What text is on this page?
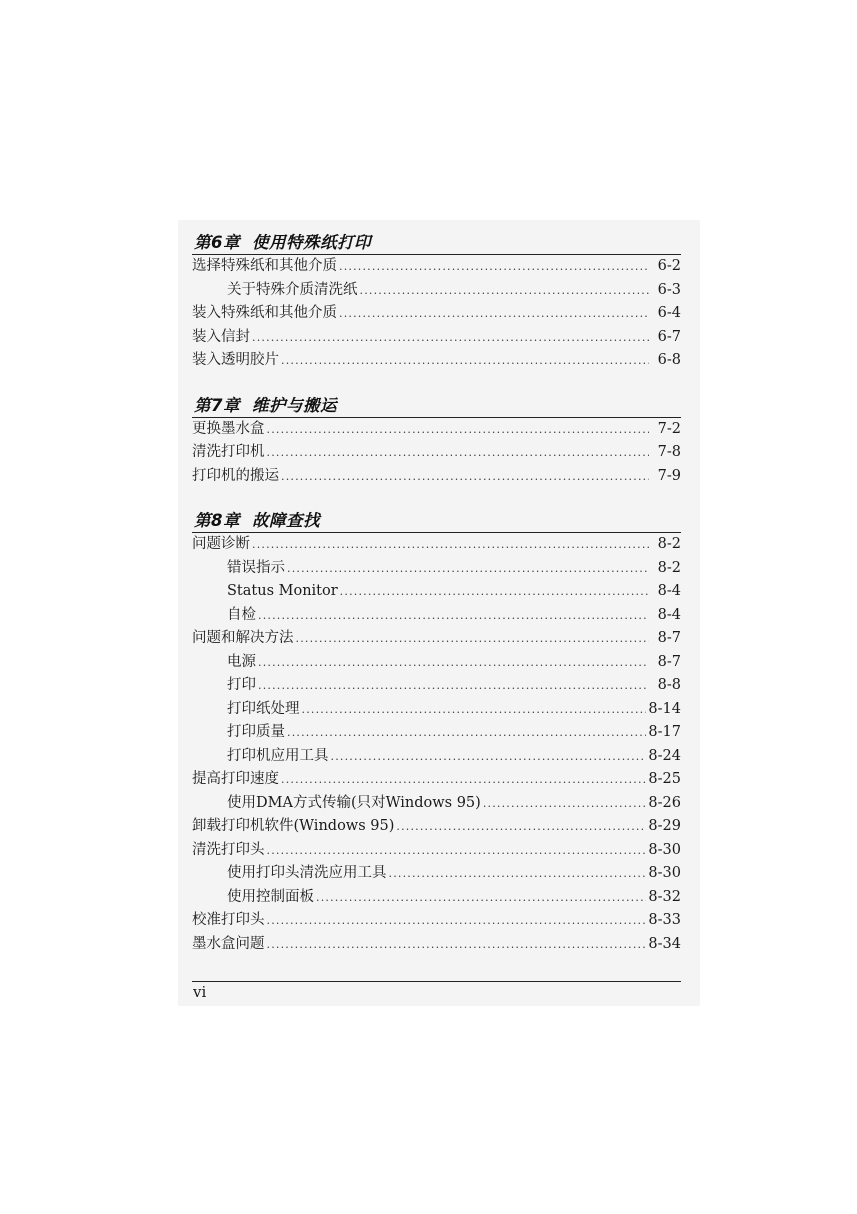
第6章 使用特殊纸打印
选择特殊纸和其他介质 .....	6-2
关于特殊介质清洗纸 .....	6-3
装入特殊纸和其他介质 .....	6-4
装入信封 .....	6-7
装入透明胶片 .....	6-8
第7章 维护与搬运
更换墨水盒 .....	7-2
清洗打印机 .....	7-8
打印机的搬运 .....	7-9
第8章 故障查找
问题诊断 .....	8-2
错误指示 .....	8-2
Status Monitor .....	8-4
自检 .....	8-4
问题和解决方法 .....	8-7
电源 .....	8-7
打印 .....	8-8
打印纸处理 .....	8-14
打印质量 .....	8-17
打印机应用工具 .....	8-24
提高打印速度 .....	8-25
使用DMA方式传输(只对Windows 95) .....	8-26
卸载打印机软件(Windows 95) .....	8-29
清洗打印头 .....	8-30
使用打印头清洗应用工具 .....	8-30
使用控制面板 .....	8-32
校准打印头 .....	8-33
墨水盒问题 .....	8-34
vi
